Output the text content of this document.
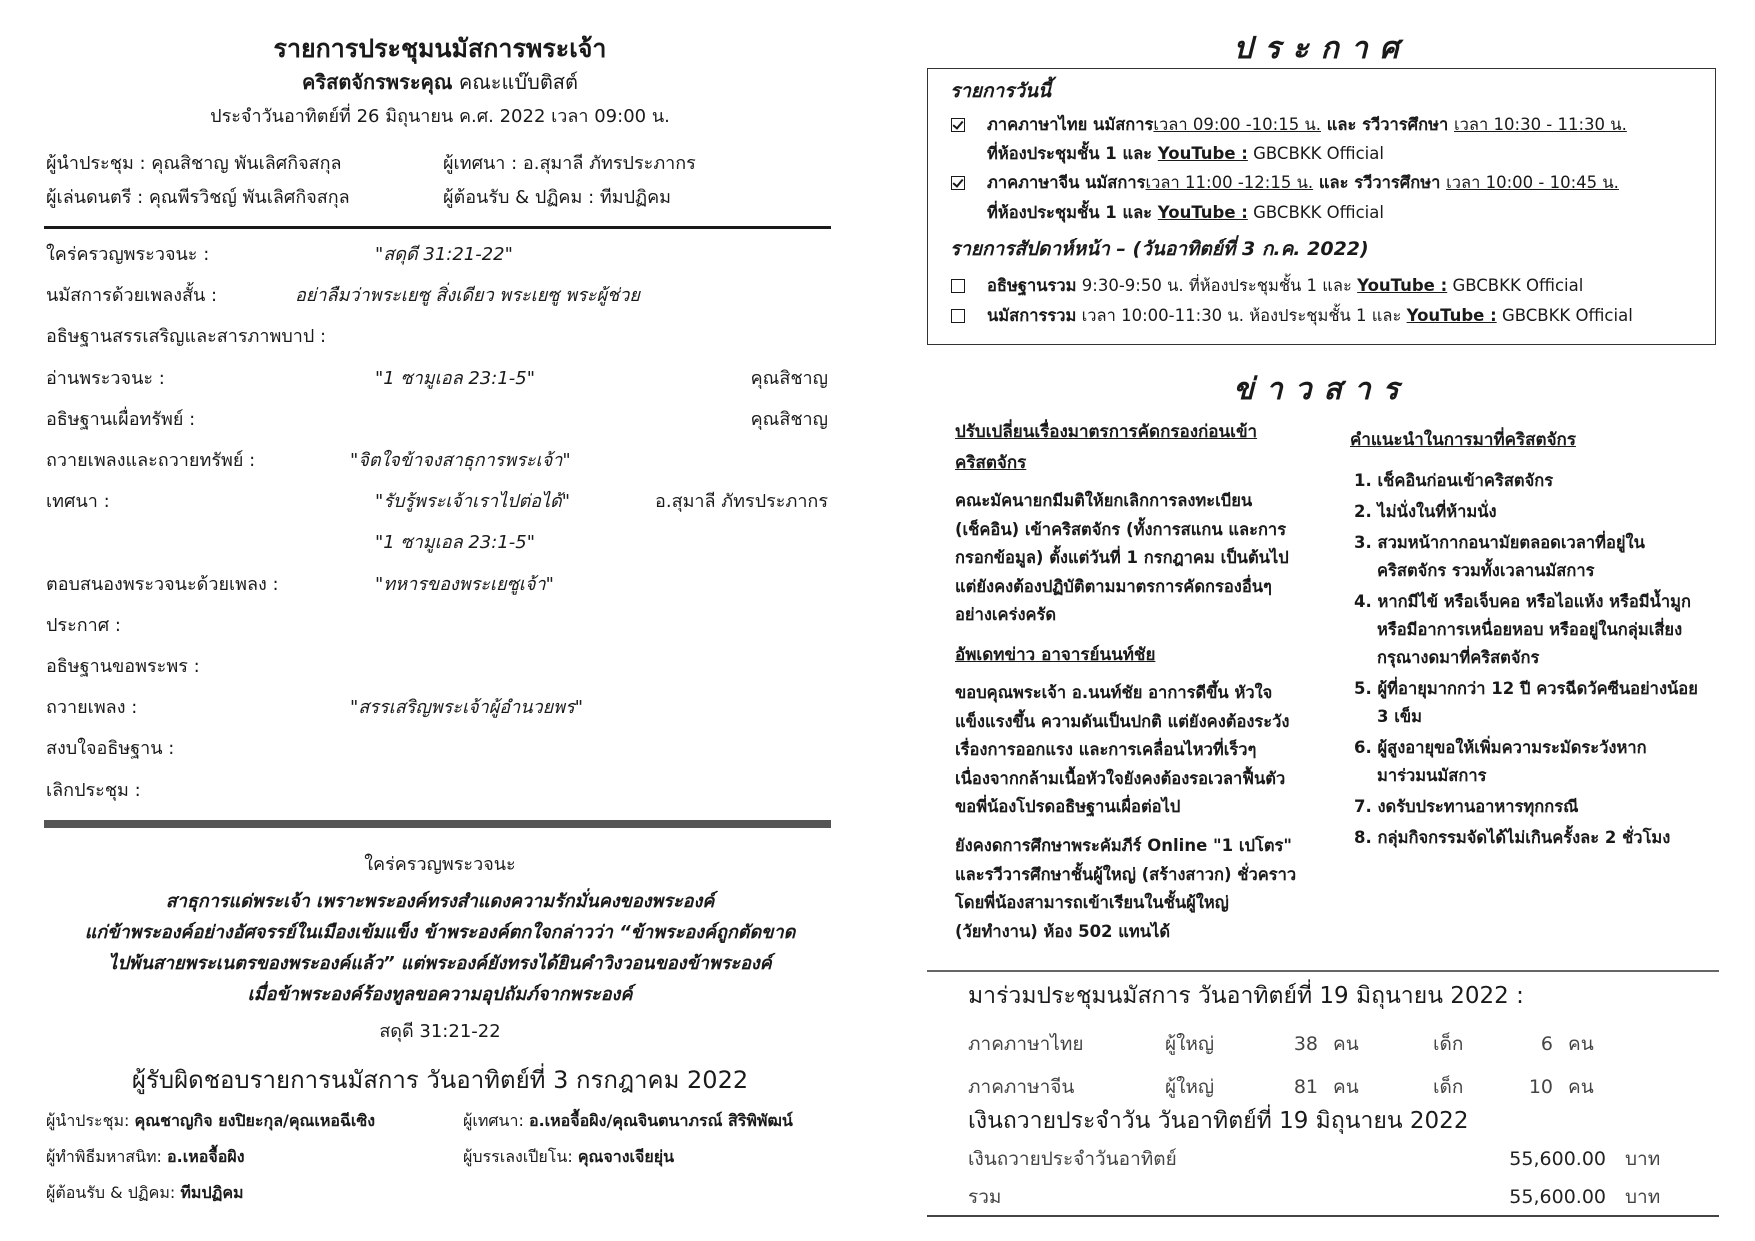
รายการประชุมนมัสการพระเจ้า
คริสตจักรพระคุณ คณะแบ๊บติสต์
ประจำวันอาทิตย์ที่ 26 มิถุนายน ค.ศ. 2022 เวลา 09:00 น.
ผู้นำประชุม : คุณสิชาญ พันเลิศกิจสกุล	ผู้เทศนา : อ.สุมาลี ภัทรประภากร
ผู้เล่นดนตรี : คุณพีรวิชญ์ พันเลิศกิจสกุล	ผู้ต้อนรับ & ปฏิคม : ทีมปฏิคม
ใคร่ครวญพระวจนะ :	"สดุดี 31:21-22"
นมัสการด้วยเพลงสั้น :	อย่าลืมว่าพระเยซู สิ่งเดียว พระเยซู พระผู้ช่วย
อธิษฐานสรรเสริญและสารภาพบาป :
อ่านพระวจนะ :	"1 ซามูเอล 23:1-5"	คุณสิชาญ
อธิษฐานเผื่อทรัพย์ :	คุณสิชาญ
ถวายเพลงและถวายทรัพย์ :	"จิตใจข้าจงสาธุการพระเจ้า"
เทศนา :	"รับรู้พระเจ้าเราไปต่อได้"	อ.สุมาลี ภัทรประภากร
"1 ซามูเอล 23:1-5"
ตอบสนองพระวจนะด้วยเพลง :	"ทหารของพระเยซูเจ้า"
ประกาศ :
อธิษฐานขอพระพร :
ถวายเพลง :	"สรรเสริญพระเจ้าผู้อำนวยพร"
สงบใจอธิษฐาน :
เลิกประชุม :
ใคร่ครวญพระวจนะ
สาธุการแด่พระเจ้า เพราะพระองค์ทรงสำแดงความรักมั่นคงของพระองค์
แก่ข้าพระองค์อย่างอัศจรรย์ในเมืองเข้มแข็ง ข้าพระองค์ตกใจกล่าวว่า “ข้าพระองค์ถูกตัดขาด
ไปพ้นสายพระเนตรของพระองค์แล้ว” แต่พระองค์ยังทรงได้ยินคำวิงวอนของข้าพระองค์
เมื่อข้าพระองค์ร้องทูลขอความอุปถัมภ์จากพระองค์
สดุดี 31:21-22
ผู้รับผิดชอบรายการนมัสการ วันอาทิตย์ที่ 3 กรกฎาคม 2022
ผู้นำประชุม: คุณชาญกิจ ยงปิยะกุล/คุณเหอฉีเซิง	ผู้เทศนา: อ.เหอจื้อผิง/คุณจินตนาภรณ์ สิริพิพัฒน์
ผู้ทำพิธีมหาสนิท: อ.เหอจื้อผิง	ผู้บรรเลงเปียโน: คุณจางเจียยุ่น
ผู้ต้อนรับ & ปฏิคม: ทีมปฏิคม
ประกาศ
รายการวันนี้
ภาคภาษาไทย นมัสการเวลา 09:00 -10:15 น. และ รวีวารศึกษา เวลา 10:30 - 11:30 น.
ที่ห้องประชุมชั้น 1 และ YouTube : GBCBKK Official
ภาคภาษาจีน นมัสการเวลา 11:00 -12:15 น. และ รวีวารศึกษา เวลา 10:00 - 10:45 น.
ที่ห้องประชุมชั้น 1 และ YouTube : GBCBKK Official
รายการสัปดาห์หน้า – (วันอาทิตย์ที่ 3 ก.ค. 2022)
อธิษฐานรวม 9:30-9:50 น. ที่ห้องประชุมชั้น 1 และ YouTube : GBCBKK Official
นมัสการรวม เวลา 10:00-11:30 น. ห้องประชุมชั้น 1 และ YouTube : GBCBKK Official
ข่าวสาร
ปรับเปลี่ยนเรื่องมาตรการคัดกรองก่อนเข้า
คริสตจักร
คณะมัคนายกมีมติให้ยกเลิกการลงทะเบียน
(เช็คอิน) เข้าคริสตจักร (ทั้งการสแกน และการ
กรอกข้อมูล) ตั้งแต่วันที่ 1 กรกฎาคม เป็นต้นไป
แต่ยังคงต้องปฏิบัติตามมาตรการคัดกรองอื่นๆ
อย่างเคร่งครัด
อัพเดทข่าว อาจารย์นนท์ชัย
ขอบคุณพระเจ้า อ.นนท์ชัย อาการดีขึ้น หัวใจ
แข็งแรงขึ้น ความดันเป็นปกติ แต่ยังคงต้องระวัง
เรื่องการออกแรง และการเคลื่อนไหวที่เร็วๆ
เนื่องจากกล้ามเนื้อหัวใจยังคงต้องรอเวลาฟื้นตัว
ขอพี่น้องโปรดอธิษฐานเผื่อต่อไป
ยังคงดการศึกษาพระคัมภีร์ Online "1 เปโตร"
และรวีวารศึกษาชั้นผู้ใหญ่ (สร้างสาวก) ชั่วคราว
โดยพี่น้องสามารถเข้าเรียนในชั้นผู้ใหญ่
(วัยทำงาน) ห้อง 502 แทนได้
คำแนะนำในการมาที่คริสตจักร
1. เช็คอินก่อนเข้าคริสตจักร
2. ไม่นั่งในที่ห้ามนั่ง
3. สวมหน้ากากอนามัยตลอดเวลาที่อยู่ใน
คริสตจักร รวมทั้งเวลานมัสการ
4. หากมีไข้ หรือเจ็บคอ หรือไอแห้ง หรือมีน้ำมูก
หรือมีอาการเหนื่อยหอบ หรืออยู่ในกลุ่มเสี่ยง
กรุณางดมาที่คริสตจักร
5. ผู้ที่อายุมากกว่า 12 ปี ควรฉีดวัคซีนอย่างน้อย
3 เข็ม
6. ผู้สูงอายุขอให้เพิ่มความระมัดระวังหาก
มาร่วมนมัสการ
7. งดรับประทานอาหารทุกกรณี
8. กลุ่มกิจกรรมจัดได้ไม่เกินครั้งละ 2 ชั่วโมง
มาร่วมประชุมนมัสการ วันอาทิตย์ที่ 19 มิถุนายน 2022 :
ภาคภาษาไทย	ผู้ใหญ่	38 คน	เด็ก	6 คน
ภาคภาษาจีน	ผู้ใหญ่	81 คน	เด็ก	10 คน
เงินถวายประจำวัน วันอาทิตย์ที่ 19 มิถุนายน 2022
เงินถวายประจำวันอาทิตย์	55,600.00 บาท
รวม	55,600.00 บาท
